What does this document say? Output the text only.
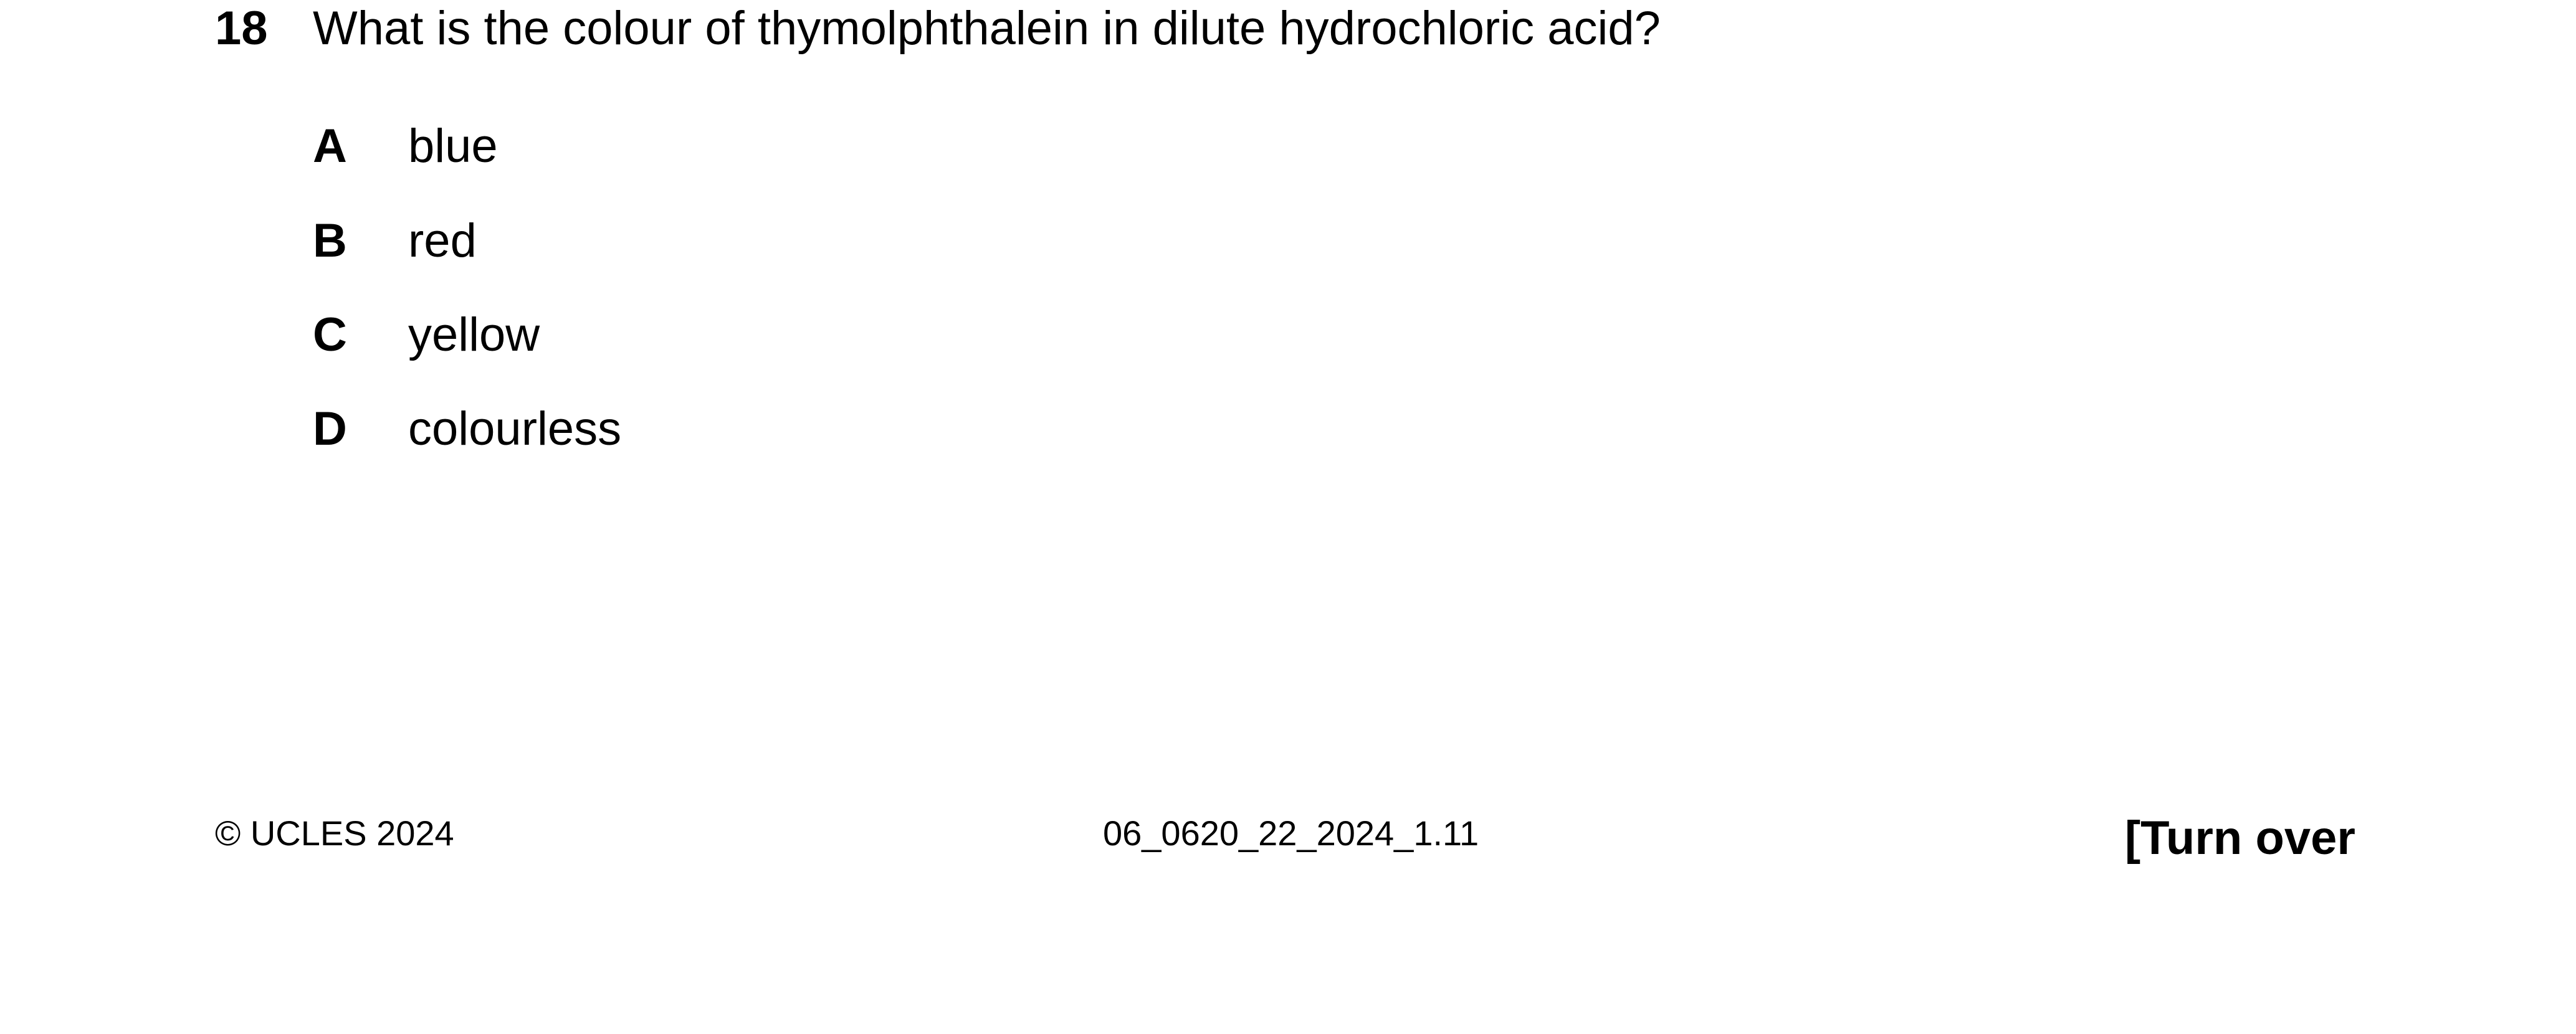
18 What is the colour of thymolphthalein in dilute hydrochloric acid?
A blue
B red
C yellow
D colourless
© UCLES 2024	06_0620_22_2024_1.11	[Turn over
